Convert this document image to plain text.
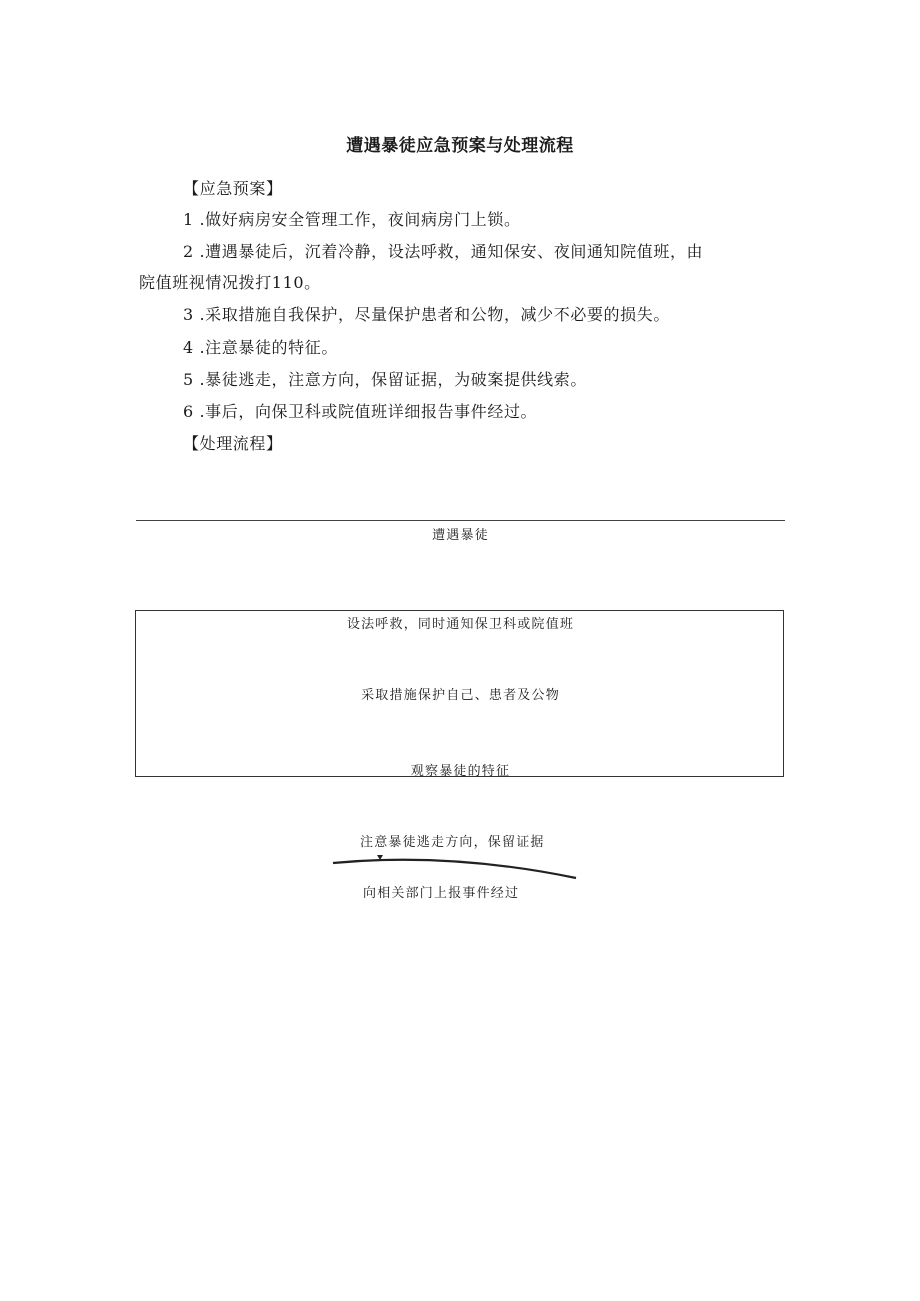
遭遇暴徒应急预案与处理流程
【应急预案】
1 .做好病房安全管理工作，夜间病房门上锁。
2 .遭遇暴徒后，沉着冷静，设法呼救，通知保安、夜间通知院值班，由
院值班视情况拨打110。
3 .采取措施自我保护，尽量保护患者和公物，减少不必要的损失。
4 .注意暴徒的特征。
5 .暴徒逃走，注意方向，保留证据，为破案提供线索。
6 .事后，向保卫科或院值班详细报告事件经过。
【处理流程】
遭遇暴徒
设法呼救，同时通知保卫科或院值班
采取措施保护自己、患者及公物
观察暴徒的特征
注意暴徒逃走方向，保留证据
向相关部门上报事件经过
